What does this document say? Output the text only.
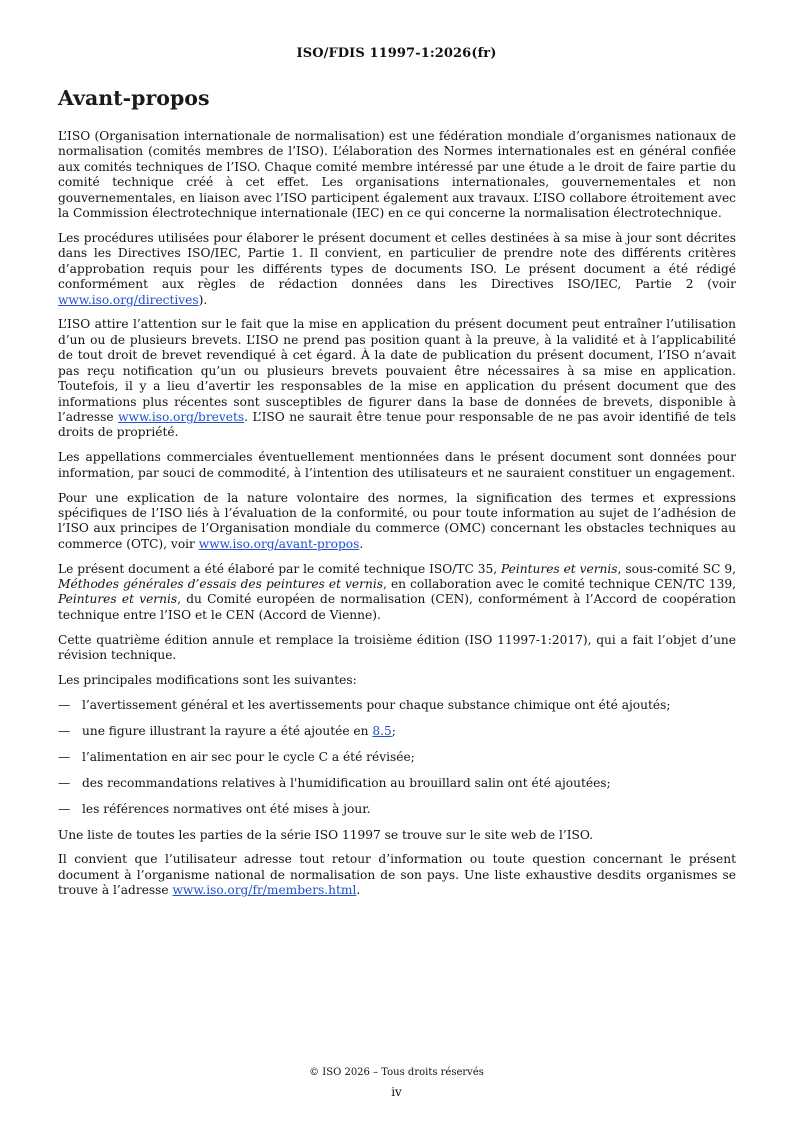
ISO/FDIS 11997-1:2026(fr)
Avant-propos

L’ISO (Organisation internationale de normalisation) est une fédération mondiale d’organismes nationaux de normalisation (comités membres de l’ISO). L’élaboration des Normes internationales est en général confiée aux comités techniques de l’ISO. Chaque comité membre intéressé par une étude a le droit de faire partie du comité technique créé à cet effet. Les organisations internationales, gouvernementales et non gouvernementales, en liaison avec l’ISO participent également aux travaux. L’ISO collabore étroitement avec la Commission électrotechnique internationale (IEC) en ce qui concerne la normalisation électrotechnique.

Les procédures utilisées pour élaborer le présent document et celles destinées à sa mise à jour sont décrites dans les Directives ISO/IEC, Partie 1. Il convient, en particulier de prendre note des différents critères d’approbation requis pour les différents types de documents ISO. Le présent document a été rédigé conformément aux règles de rédaction données dans les Directives ISO/IEC, Partie 2 (voir www.iso.org/directives).

L’ISO attire l’attention sur le fait que la mise en application du présent document peut entraîner l’utilisation d’un ou de plusieurs brevets. L’ISO ne prend pas position quant à la preuve, à la validité et à l’applicabilité de tout droit de brevet revendiqué à cet égard. À la date de publication du présent document, l’ISO n’avait pas reçu notification qu’un ou plusieurs brevets pouvaient être nécessaires à sa mise en application. Toutefois, il y a lieu d’avertir les responsables de la mise en application du présent document que des informations plus récentes sont susceptibles de figurer dans la base de données de brevets, disponible à l’adresse www.iso.org/brevets. L’ISO ne saurait être tenue pour responsable de ne pas avoir identifié de tels droits de propriété.

Les appellations commerciales éventuellement mentionnées dans le présent document sont données pour information, par souci de commodité, à l’intention des utilisateurs et ne sauraient constituer un engagement.

Pour une explication de la nature volontaire des normes, la signification des termes et expressions spécifiques de l’ISO liés à l’évaluation de la conformité, ou pour toute information au sujet de l’adhésion de l’ISO aux principes de l’Organisation mondiale du commerce (OMC) concernant les obstacles techniques au commerce (OTC), voir www.iso.org/avant-propos.

Le présent document a été élaboré par le comité technique ISO/TC 35, Peintures et vernis, sous-comité SC 9, Méthodes générales d’essais des peintures et vernis, en collaboration avec le comité technique CEN/TC 139, Peintures et vernis, du Comité européen de normalisation (CEN), conformément à l’Accord de coopération technique entre l’ISO et le CEN (Accord de Vienne).

Cette quatrième édition annule et remplace la troisième édition (ISO 11997-1:2017), qui a fait l’objet d’une révision technique.

Les principales modifications sont les suivantes:

— l’avertissement général et les avertissements pour chaque substance chimique ont été ajoutés;
— une figure illustrant la rayure a été ajoutée en 8.5;
— l’alimentation en air sec pour le cycle C a été révisée;
— des recommandations relatives à l'humidification au brouillard salin ont été ajoutées;
— les références normatives ont été mises à jour.

Une liste de toutes les parties de la série ISO 11997 se trouve sur le site web de l’ISO.

Il convient que l’utilisateur adresse tout retour d’information ou toute question concernant le présent document à l’organisme national de normalisation de son pays. Une liste exhaustive desdits organismes se trouve à l’adresse www.iso.org/fr/members.html.

© ISO 2026 – Tous droits réservés
iv
